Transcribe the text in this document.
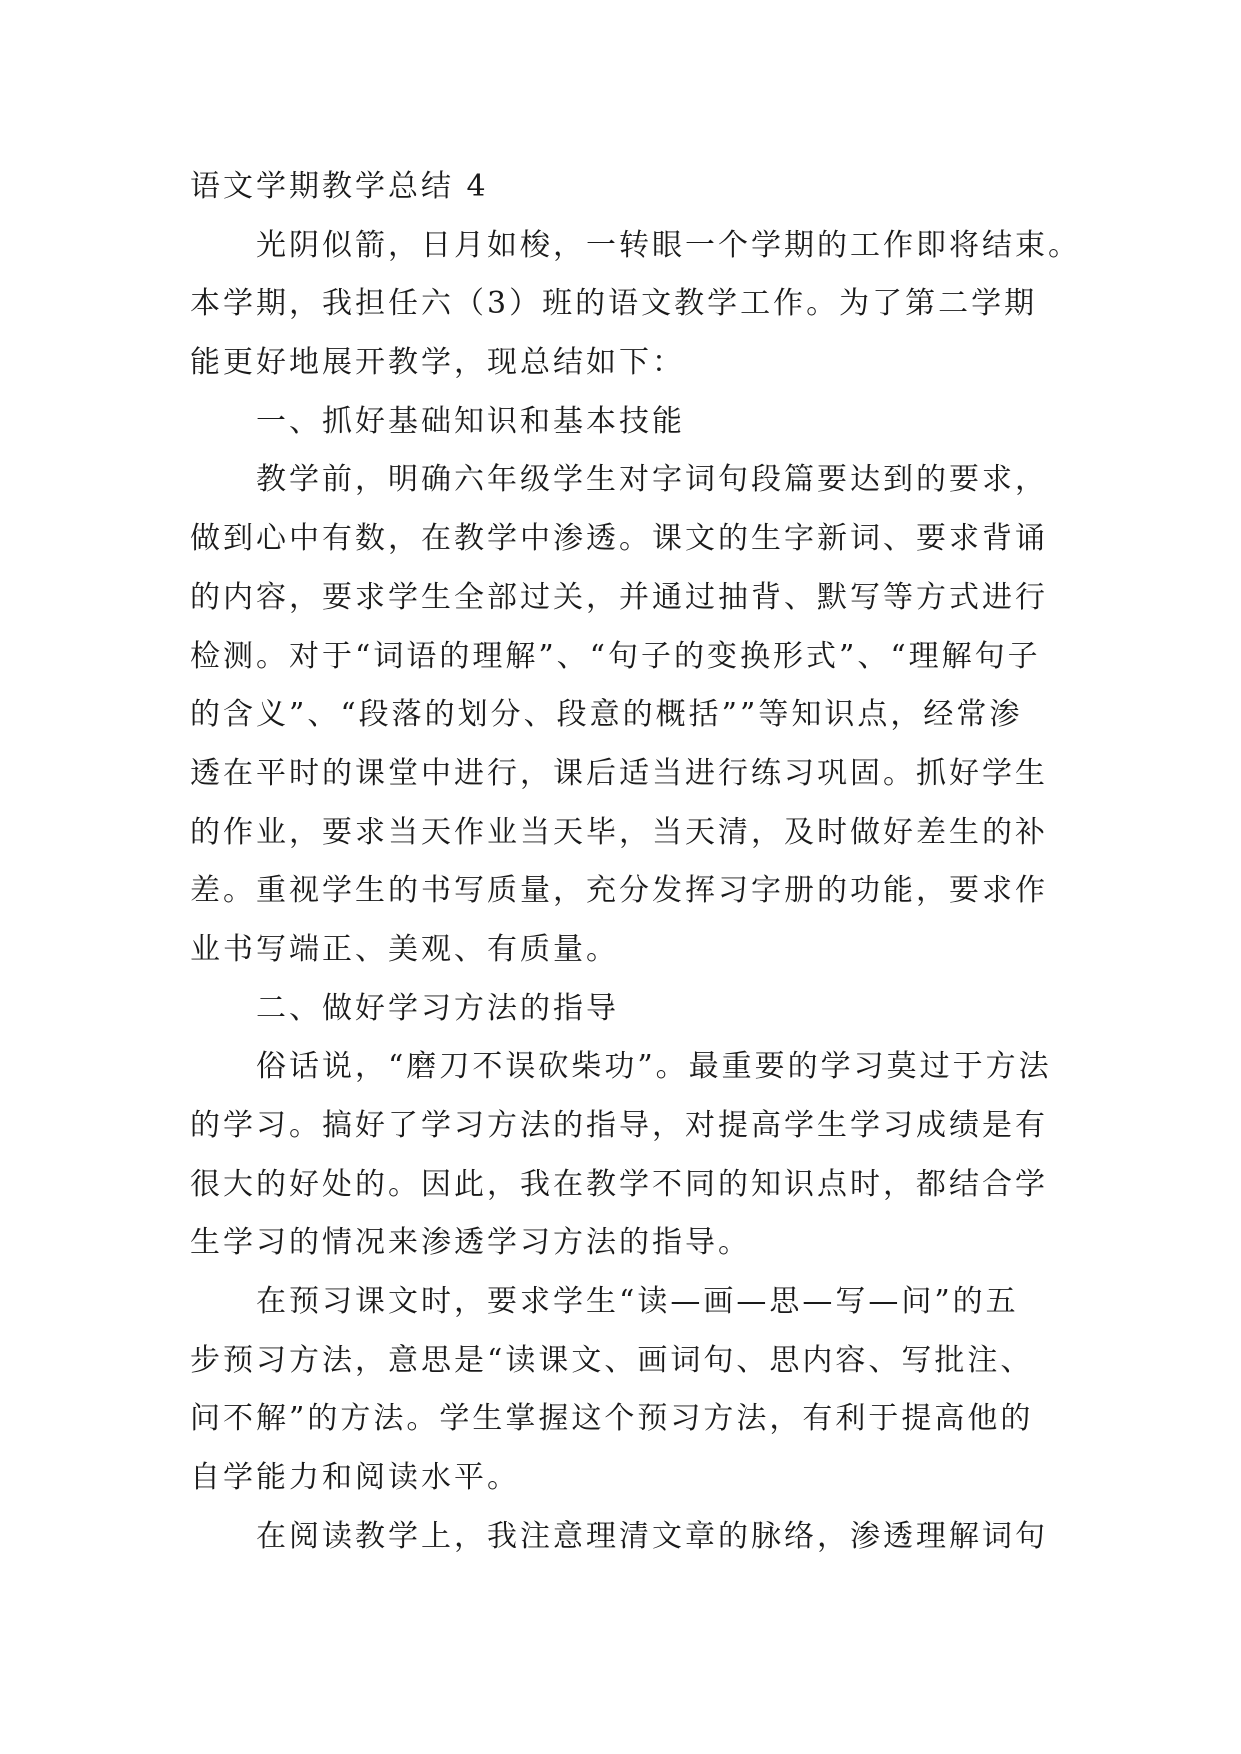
语文学期教学总结 4
光阴似箭，日月如梭，一转眼一个学期的工作即将结束。
本学期，我担任六（3）班的语文教学工作。为了第二学期
能更好地展开教学，现总结如下：
一、抓好基础知识和基本技能
教学前，明确六年级学生对字词句段篇要达到的要求，
做到心中有数，在教学中渗透。课文的生字新词、要求背诵
的内容，要求学生全部过关，并通过抽背、默写等方式进行
检测。对于“词语的理解”、“句子的变换形式”、“理解句子
的含义”、“段落的划分、段意的概括””等知识点，经常渗
透在平时的课堂中进行，课后适当进行练习巩固。抓好学生
的作业，要求当天作业当天毕，当天清，及时做好差生的补
差。重视学生的书写质量，充分发挥习字册的功能，要求作
业书写端正、美观、有质量。
二、做好学习方法的指导
俗话说，“磨刀不误砍柴功”。最重要的学习莫过于方法
的学习。搞好了学习方法的指导，对提高学生学习成绩是有
很大的好处的。因此，我在教学不同的知识点时，都结合学
生学习的情况来渗透学习方法的指导。
在预习课文时，要求学生“读—画—思—写—问”的五
步预习方法，意思是“读课文、画词句、思内容、写批注、
问不解”的方法。学生掌握这个预习方法，有利于提高他的
自学能力和阅读水平。
在阅读教学上，我注意理清文章的脉络，渗透理解词句
